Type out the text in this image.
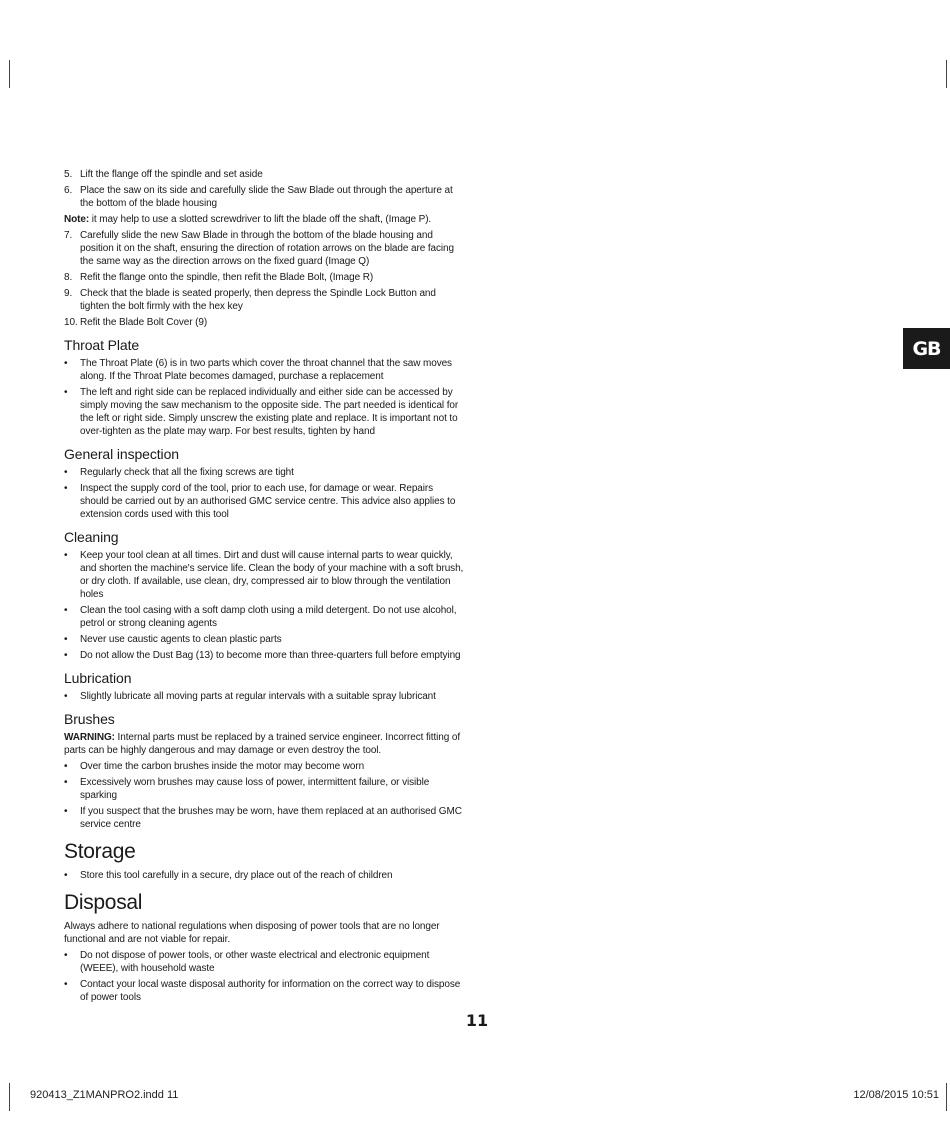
GB
5. Lift the flange off the spindle and set aside
6. Place the saw on its side and carefully slide the Saw Blade out through the aperture at the bottom of the blade housing
Note: it may help to use a slotted screwdriver to lift the blade off the shaft, (Image P).
7. Carefully slide the new Saw Blade in through the bottom of the blade housing and position it on the shaft, ensuring the direction of rotation arrows on the blade are facing the same way as the direction arrows on the fixed guard (Image Q)
8. Refit the flange onto the spindle, then refit the Blade Bolt, (Image R)
9. Check that the blade is seated properly, then depress the Spindle Lock Button and tighten the bolt firmly with the hex key
10. Refit the Blade Bolt Cover (9)
Throat Plate
• The Throat Plate (6) is in two parts which cover the throat channel that the saw moves along. If the Throat Plate becomes damaged, purchase a replacement
• The left and right side can be replaced individually and either side can be accessed by simply moving the saw mechanism to the opposite side. The part needed is identical for the left or right side. Simply unscrew the existing plate and replace. It is important not to over-tighten as the plate may warp. For best results, tighten by hand
General inspection
• Regularly check that all the fixing screws are tight
• Inspect the supply cord of the tool, prior to each use, for damage or wear. Repairs should be carried out by an authorised GMC service centre. This advice also applies to extension cords used with this tool
Cleaning
• Keep your tool clean at all times. Dirt and dust will cause internal parts to wear quickly, and shorten the machine's service life. Clean the body of your machine with a soft brush, or dry cloth. If available, use clean, dry, compressed air to blow through the ventilation holes
• Clean the tool casing with a soft damp cloth using a mild detergent. Do not use alcohol, petrol or strong cleaning agents
• Never use caustic agents to clean plastic parts
• Do not allow the Dust Bag (13) to become more than three-quarters full before emptying
Lubrication
• Slightly lubricate all moving parts at regular intervals with a suitable spray lubricant
Brushes
WARNING: Internal parts must be replaced by a trained service engineer. Incorrect fitting of parts can be highly dangerous and may damage or even destroy the tool.
• Over time the carbon brushes inside the motor may become worn
• Excessively worn brushes may cause loss of power, intermittent failure, or visible sparking
• If you suspect that the brushes may be worn, have them replaced at an authorised GMC service centre
Storage
• Store this tool carefully in a secure, dry place out of the reach of children
Disposal
Always adhere to national regulations when disposing of power tools that are no longer functional and are not viable for repair.
• Do not dispose of power tools, or other waste electrical and electronic equipment (WEEE), with household waste
• Contact your local waste disposal authority for information on the correct way to dispose of power tools
11
920413_Z1MANPRO2.indd 11	12/08/2015 10:51
